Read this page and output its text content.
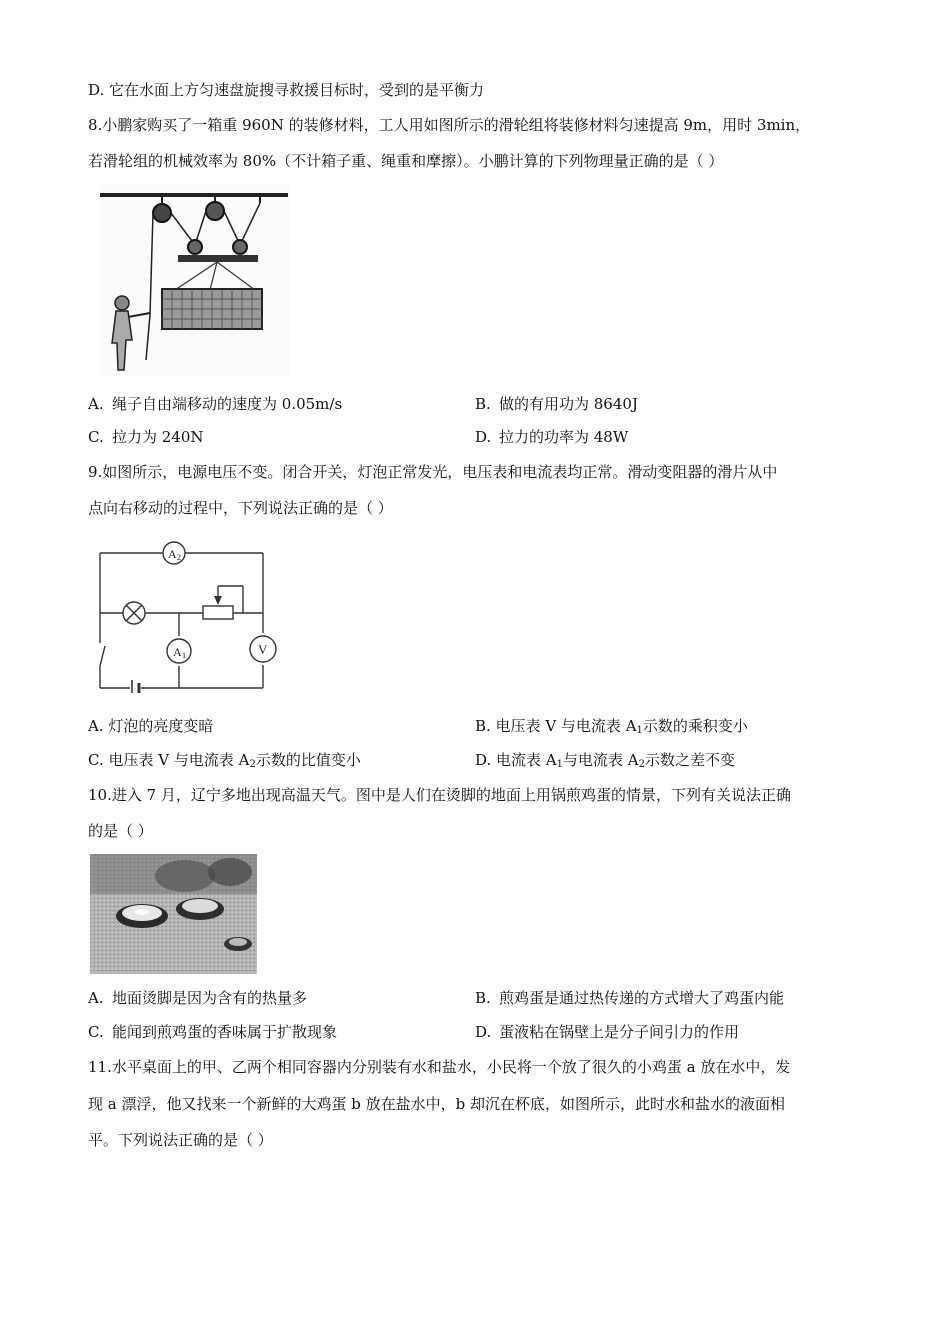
D. 它在水面上方匀速盘旋搜寻救援目标时，受到的是平衡力
8.小鹏家购买了一箱重 960N 的装修材料，工人用如图所示的滑轮组将装修材料匀速提高 9m，用时 3min，
若滑轮组的机械效率为 80%（不计箱子重、绳重和摩擦）。小鹏计算的下列物理量正确的是（ ）
A. 绳子自由端移动的速度为 0.05m/s	B. 做的有用功为 8640J
C. 拉力为 240N	D. 拉力的功率为 48W
9.如图所示，电源电压不变。闭合开关，灯泡正常发光，电压表和电流表均正常。滑动变阻器的滑片从中
点向右移动的过程中，下列说法正确的是（ ）
A 2
A 1	V
A. 灯泡的亮度变暗	B. 电压表 V 与电流表 $A_1$示数的乘积变小
C. 电压表 V 与电流表 $A_2$示数的比值变小	D. 电流表 $A_1$与电流表 $A_2$示数之差不变
10.进入 7 月，辽宁多地出现高温天气。图中是人们在烫脚的地面上用锅煎鸡蛋的情景，下列有关说法正确
的是（ ）
A. 地面烫脚是因为含有的热量多	B. 煎鸡蛋是通过热传递的方式增大了鸡蛋内能
C. 能闻到煎鸡蛋的香味属于扩散现象	D. 蛋液粘在锅壁上是分子间引力的作用
11.水平桌面上的甲、乙两个相同容器内分别装有水和盐水，小民将一个放了很久的小鸡蛋 a 放在水中，发
现 a 漂浮，他又找来一个新鲜的大鸡蛋 b 放在盐水中，b 却沉在杯底，如图所示，此时水和盐水的液面相
平。下列说法正确的是（ ）
